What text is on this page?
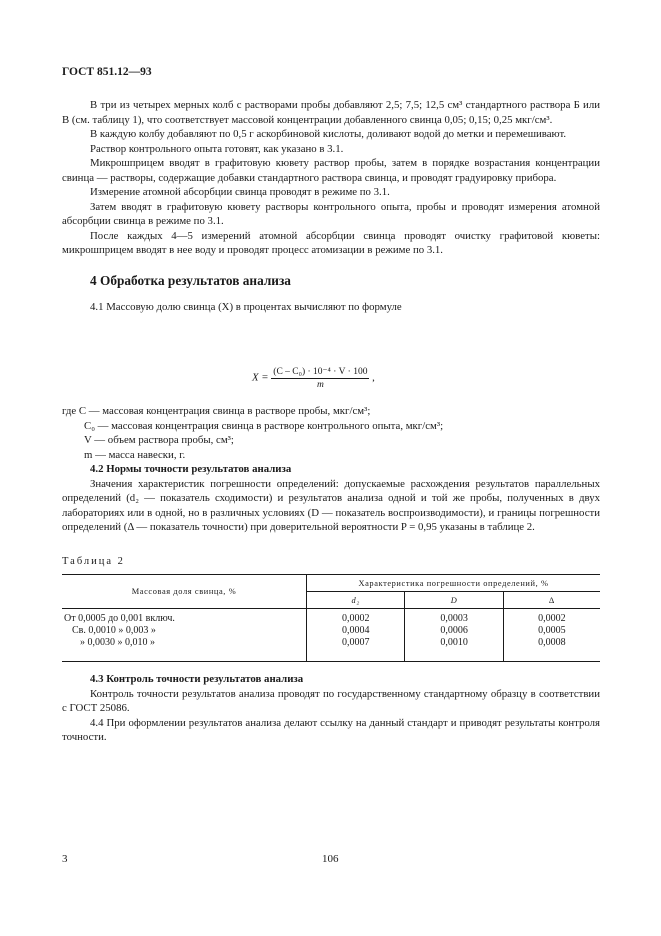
ГОСТ 851.12—93

В три из четырех мерных колб с растворами пробы добавляют 2,5; 7,5; 12,5 см³ стандартного раствора Б или В (см. таблицу 1), что соответствует массовой концентрации добавленного свинца 0,05; 0,15; 0,25 мкг/см³.

В каждую колбу добавляют по 0,5 г аскорбиновой кислоты, доливают водой до метки и перемешивают.

Раствор контрольного опыта готовят, как указано в 3.1.

Микрошприцем вводят в графитовую кювету раствор пробы, затем в порядке возрастания концентрации свинца — растворы, содержащие добавки стандартного раствора свинца, и проводят градуировку прибора.

Измерение атомной абсорбции свинца проводят в режиме по 3.1.

Затем вводят в графитовую кювету растворы контрольного опыта, пробы и проводят измерения атомной абсорбции свинца в режиме по 3.1.

После каждых 4—5 измерений атомной абсорбции свинца проводят очистку графитовой кюветы: микрошприцем вводят в нее воду и проводят процесс атомизации в режиме по 3.1.

4 Обработка результатов анализа

4.1 Массовую долю свинца (X) в процентах вычисляют по формуле

$X = \frac{\text{(C – C₀) · 10⁻⁴ · V · 100}}{m}$ ,
где C — массовая концентрация свинца в растворе пробы, мкг/см³;
C₀ — массовая концентрация свинца в растворе контрольного опыта, мкг/см³;
V — объем раствора пробы, см³;
m — масса навески, г.

4.2 Нормы точности результатов анализа

Значения характеристик погрешности определений: допускаемые расхождения результатов параллельных определений (d₂ — показатель сходимости) и результатов анализа одной и той же пробы, полученных в двух лабораториях или в одной, но в различных условиях (D — показатель воспроизводимости), и границы погрешности определений (Δ — показатель точности) при доверительной вероятности P = 0,95 указаны в таблице 2.

Таблица 2
Массовая доля свинца, %	Характеристика погрешности определений, %		
	d₂	D	Δ
От 0,0005 до 0,001 включ.	0,0002	0,0003	0,0002
Св. 0,0010 » 0,003 »	0,0004	0,0006	0,0005
» 0,0030 » 0,010 »	0,0007	0,0010	0,0008

4.3 Контроль точности результатов анализа

Контроль точности результатов анализа проводят по государственному стандартному образцу в соответствии с ГОСТ 25086.

4.4 При оформлении результатов анализа делают ссылку на данный стандарт и приводят результаты контроля точности.

3	106
